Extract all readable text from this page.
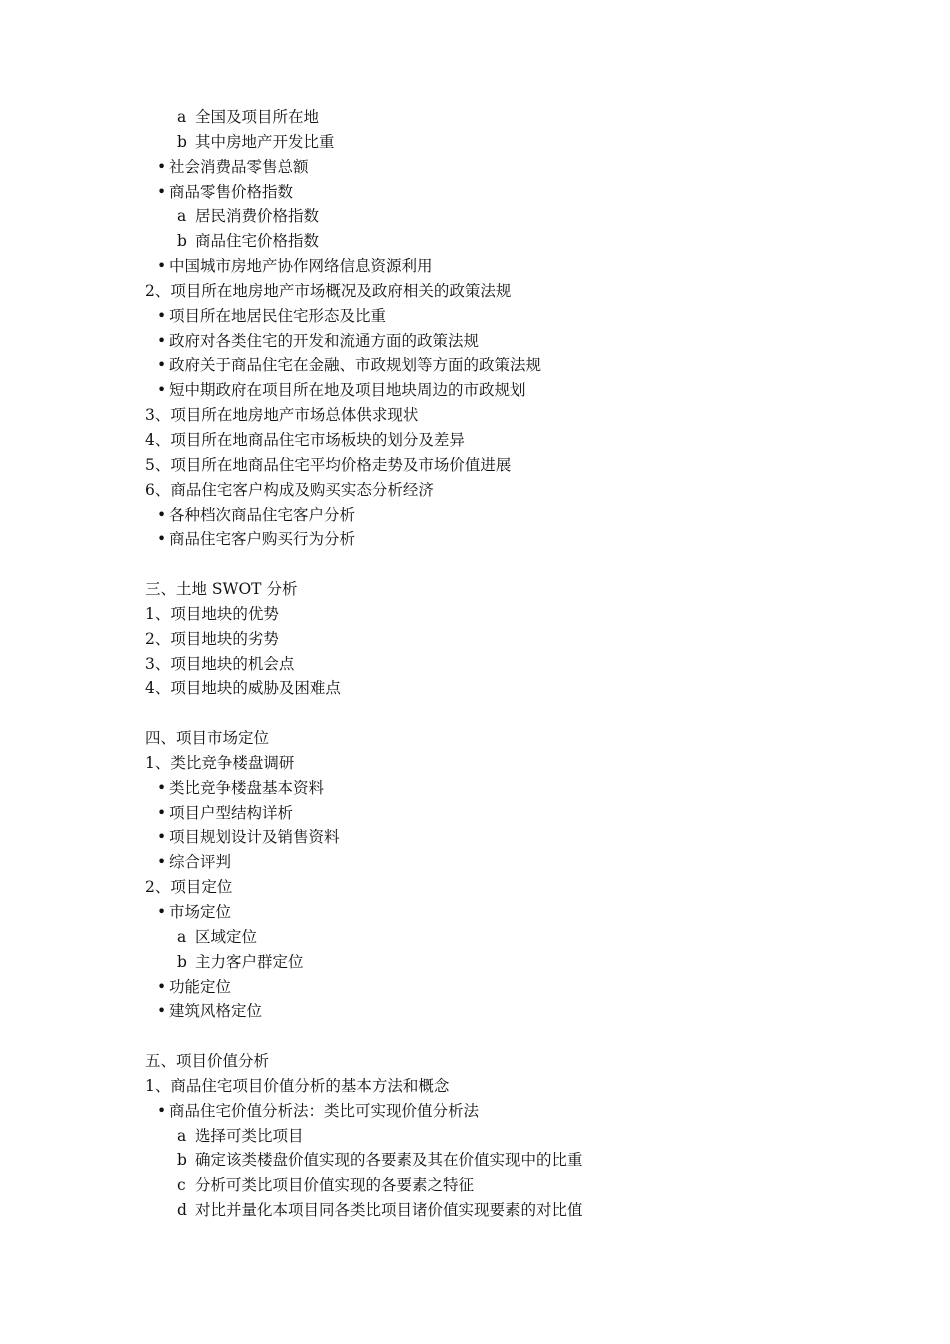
a 全国及项目所在地
b 其中房地产开发比重
• 社会消费品零售总额
• 商品零售价格指数
a 居民消费价格指数
b 商品住宅价格指数
• 中国城市房地产协作网络信息资源利用
2、项目所在地房地产市场概况及政府相关的政策法规
• 项目所在地居民住宅形态及比重
• 政府对各类住宅的开发和流通方面的政策法规
• 政府关于商品住宅在金融、市政规划等方面的政策法规
• 短中期政府在项目所在地及项目地块周边的市政规划
3、项目所在地房地产市场总体供求现状
4、项目所在地商品住宅市场板块的划分及差异
5、项目所在地商品住宅平均价格走势及市场价值进展
6、商品住宅客户构成及购买实态分析经济
• 各种档次商品住宅客户分析
• 商品住宅客户购买行为分析
三、土地 SWOT 分析
1、项目地块的优势
2、项目地块的劣势
3、项目地块的机会点
4、项目地块的威胁及困难点
四、项目市场定位
1、类比竞争楼盘调研
• 类比竞争楼盘基本资料
• 项目户型结构详析
• 项目规划设计及销售资料
• 综合评判
2、项目定位
• 市场定位
a 区域定位
b 主力客户群定位
• 功能定位
• 建筑风格定位
五、项目价值分析
1、商品住宅项目价值分析的基本方法和概念
• 商品住宅价值分析法：类比可实现价值分析法
a 选择可类比项目
b 确定该类楼盘价值实现的各要素及其在价值实现中的比重
c 分析可类比项目价值实现的各要素之特征
d 对比并量化本项目同各类比项目诸价值实现要素的对比值
